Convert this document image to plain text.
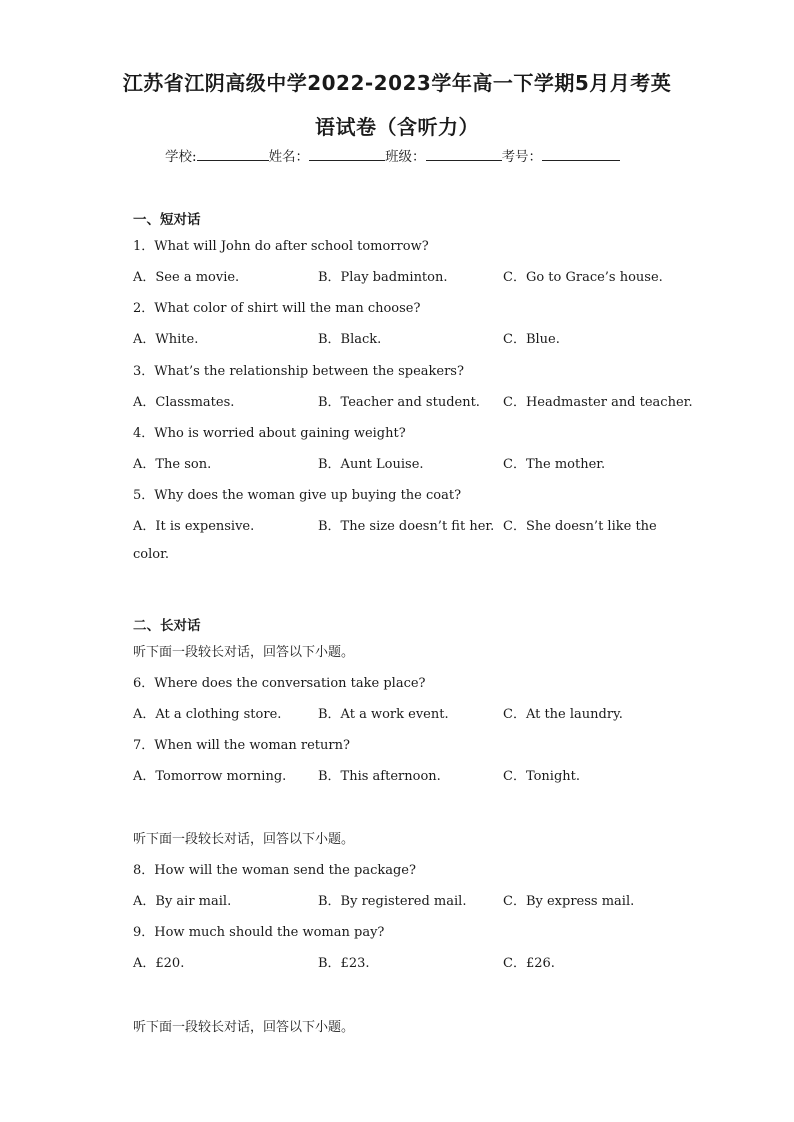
江苏省江阴高级中学2022-2023学年高一下学期5月月考英
语试卷（含听力）
学校:	姓名：	班级：	考号：
一、短对话
1．What will John do after school tomorrow?
A．See a movie.	B．Play badminton.	C．Go to Grace’s house.
2．What color of shirt will the man choose?
A．White.	B．Black.	C．Blue.
3．What’s the relationship between the speakers?
A．Classmates.	B．Teacher and student. C．Headmaster and teacher.
4．Who is worried about gaining weight?
A．The son.	B．Aunt Louise.	C．The mother.
5．Why does the woman give up buying the coat?
A．It is expensive.	B．The size doesn’t fit her. C．She doesn’t like the
color.
二、长对话
听下面一段较长对话，回答以下小题。
6．Where does the conversation take place?
A．At a clothing store.	B．At a work event.	C．At the laundry.
7．When will the woman return?
A．Tomorrow morning. B．This afternoon.	C．Tonight.
听下面一段较长对话，回答以下小题。
8．How will the woman send the package?
A．By air mail.	B．By registered mail.	C．By express mail.
9．How much should the woman pay?
A．£20.	B．£23.	C．£26.
听下面一段较长对话，回答以下小题。
